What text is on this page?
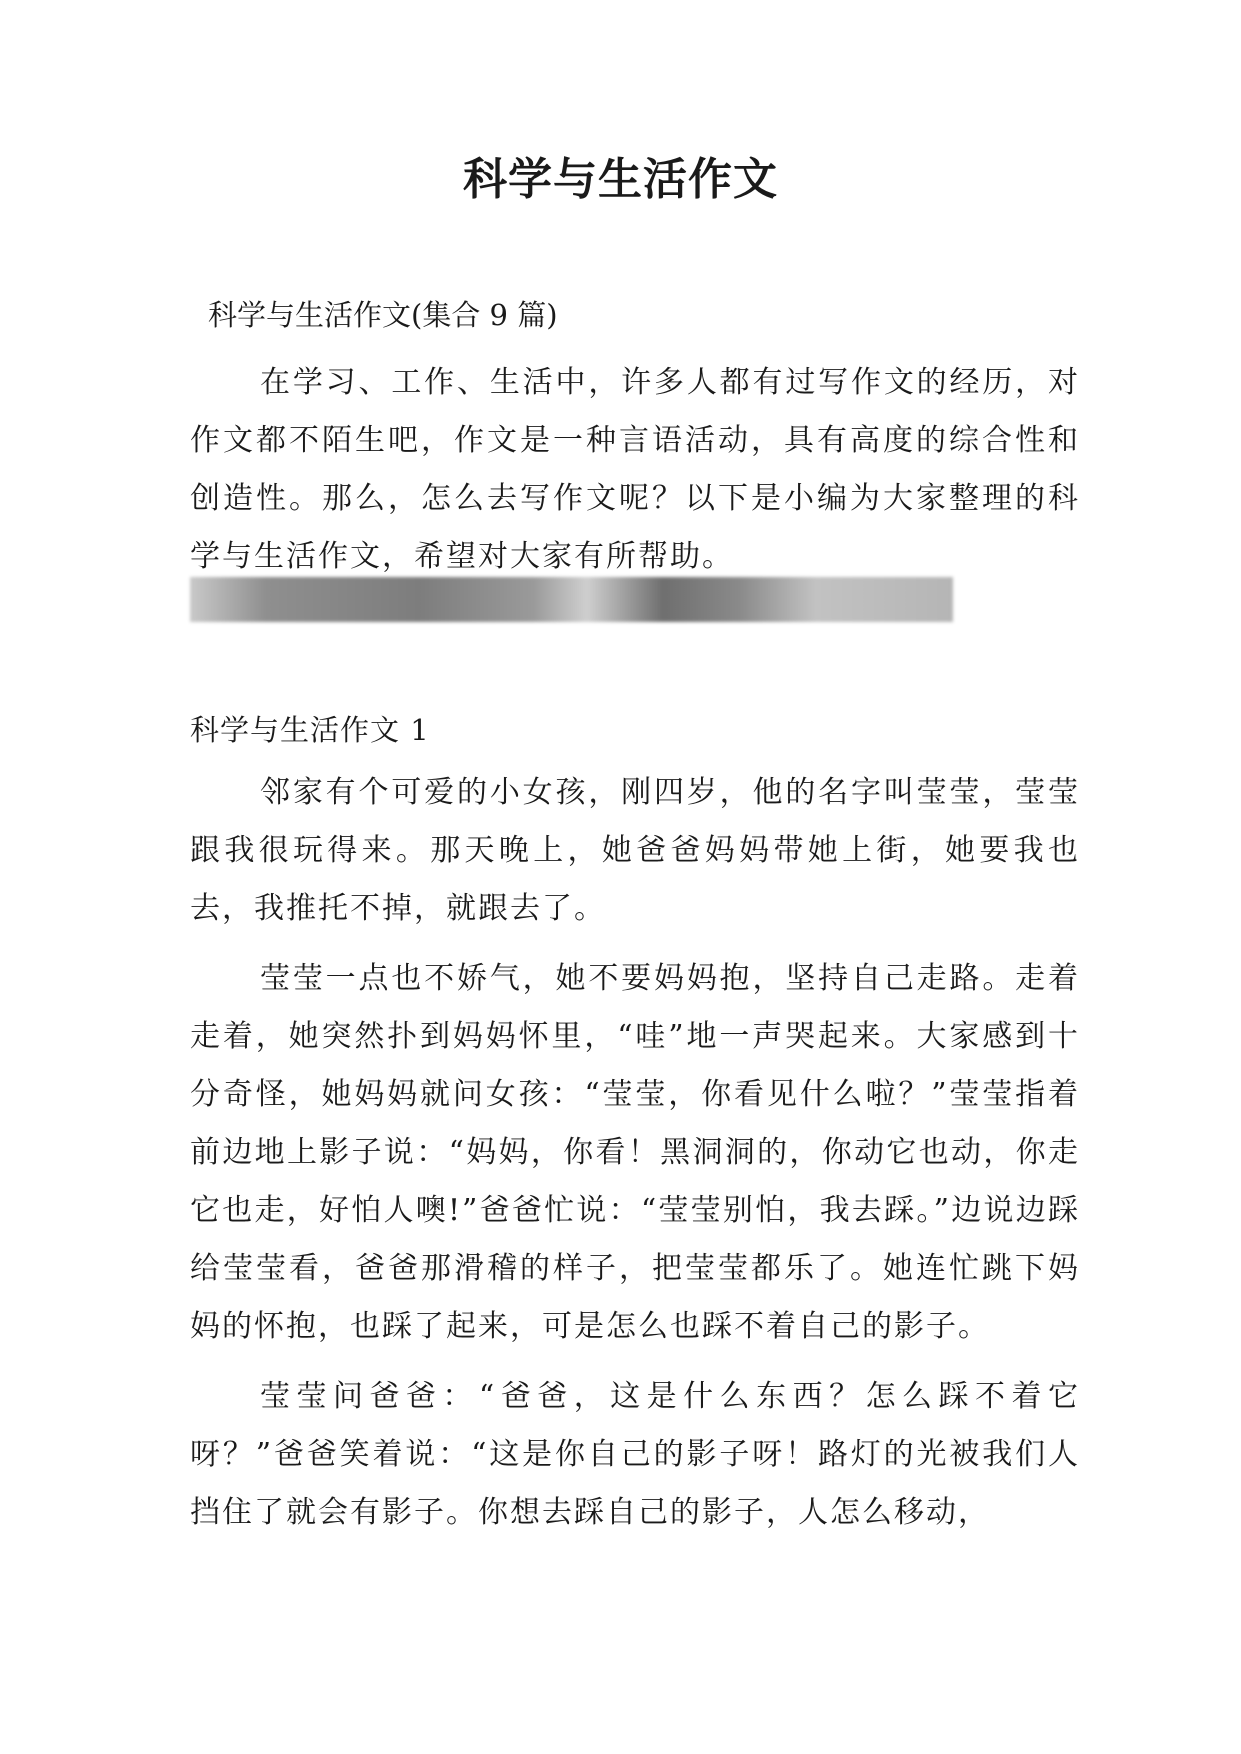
科学与生活作文

科学与生活作文(集合 9 篇)

在学习、工作、生活中，许多人都有过写作文的经历，对作文都不陌生吧，作文是一种言语活动，具有高度的综合性和创造性。那么，怎么去写作文呢？以下是小编为大家整理的科学与生活作文，希望对大家有所帮助。

科学与生活作文 1

邻家有个可爱的小女孩，刚四岁，他的名字叫莹莹，莹莹跟我很玩得来。那天晚上，她爸爸妈妈带她上街，她要我也去，我推托不掉，就跟去了。

莹莹一点也不娇气，她不要妈妈抱，坚持自己走路。走着走着，她突然扑到妈妈怀里，“哇”地一声哭起来。大家感到十分奇怪，她妈妈就问女孩：“莹莹，你看见什么啦？”莹莹指着前边地上影子说：“妈妈，你看！黑洞洞的，你动它也动，你走它也走，好怕人噢!”爸爸忙说：“莹莹别怕，我去踩。”边说边踩给莹莹看，爸爸那滑稽的样子，把莹莹都乐了。她连忙跳下妈妈的怀抱，也踩了起来，可是怎么也踩不着自己的影子。

莹莹问爸爸：“爸爸，这是什么东西？怎么踩不着它呀？”爸爸笑着说：“这是你自己的影子呀！路灯的光被我们人挡住了就会有影子。你想去踩自己的影子，人怎么移动，
